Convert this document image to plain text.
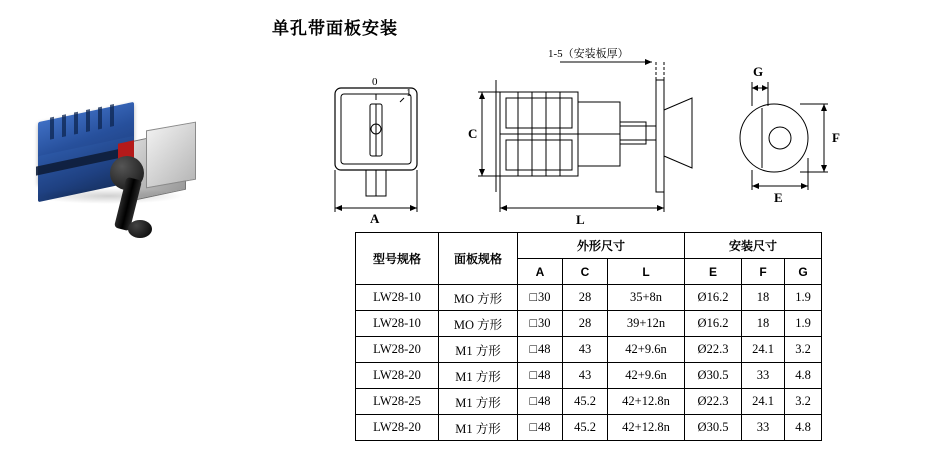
单孔带面板安装
0
1
A
C
L
E
F
G
1-5（安装板厚）
型号规格	面板规格	外形尺寸			安装尺寸		
		A	C	L	E	F	G
LW28-10	MO 方形	□ 30	28	35+8n	Ø16.2	18	1.9
LW28-10	MO 方形	□ 30	28	39+12n	Ø16.2	18	1.9
LW28-20	M1 方形	□ 48	43	42+9.6n	Ø22.3	24.1	3.2
LW28-20	M1 方形	□ 48	43	42+9.6n	Ø30.5	33	4.8
LW28-25	M1 方形	□ 48	45.2	42+12.8n	Ø22.3	24.1	3.2
LW28-20	M1 方形	□ 48	45.2	42+12.8n	Ø30.5	33	4.8
